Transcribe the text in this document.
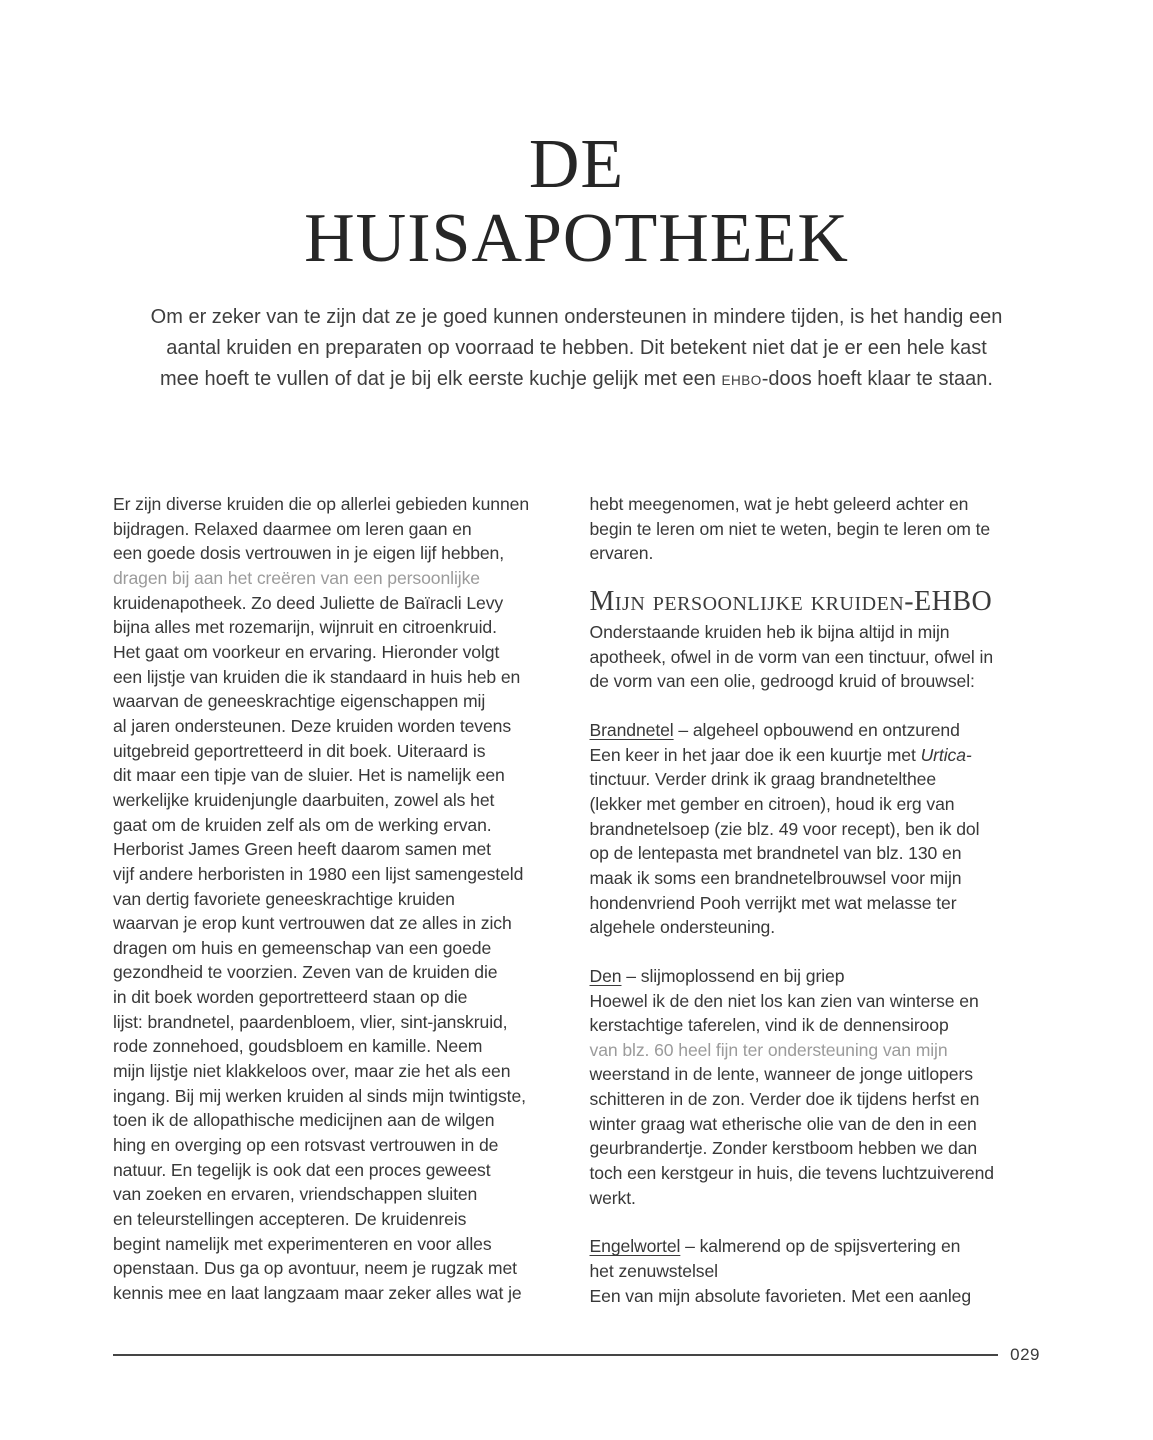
DE
HUISAPOTHEEK
Om er zeker van te zijn dat ze je goed kunnen ondersteunen in mindere tijden, is het handig een
aantal kruiden en preparaten op voorraad te hebben. Dit betekent niet dat je er een hele kast
mee hoeft te vullen of dat je bij elk eerste kuchje gelijk met een EHBO-doos hoeft klaar te staan.
Er zijn diverse kruiden die op allerlei gebieden kunnen
bijdragen. Relaxed daarmee om leren gaan en
een goede dosis vertrouwen in je eigen lijf hebben,
dragen bij aan het creëren van een persoonlijke
kruidenapotheek. Zo deed Juliette de Baïracli Levy
bijna alles met rozemarijn, wijnruit en citroenkruid.
Het gaat om voorkeur en ervaring. Hieronder volgt
een lijstje van kruiden die ik standaard in huis heb en
waarvan de geneeskrachtige eigenschappen mij
al jaren ondersteunen. Deze kruiden worden tevens
uitgebreid geportretteerd in dit boek. Uiteraard is
dit maar een tipje van de sluier. Het is namelijk een
werkelijke kruidenjungle daarbuiten, zowel als het
gaat om de kruiden zelf als om de werking ervan.
Herborist James Green heeft daarom samen met
vijf andere herboristen in 1980 een lijst samengesteld
van dertig favoriete geneeskrachtige kruiden
waarvan je erop kunt vertrouwen dat ze alles in zich
dragen om huis en gemeenschap van een goede
gezondheid te voorzien. Zeven van de kruiden die
in dit boek worden geportretteerd staan op die
lijst: brandnetel, paardenbloem, vlier, sint-janskruid,
rode zonnehoed, goudsbloem en kamille. Neem
mijn lijstje niet klakkeloos over, maar zie het als een
ingang. Bij mij werken kruiden al sinds mijn twintigste,
toen ik de allopathische medicijnen aan de wilgen
hing en overging op een rotsvast vertrouwen in de
natuur. En tegelijk is ook dat een proces geweest
van zoeken en ervaren, vriendschappen sluiten
en teleurstellingen accepteren. De kruidenreis
begint namelijk met experimenteren en voor alles
openstaan. Dus ga op avontuur, neem je rugzak met
kennis mee en laat langzaam maar zeker alles wat je
hebt meegenomen, wat je hebt geleerd achter en
begin te leren om niet te weten, begin te leren om te
ervaren.
Mijn persoonlijke kruiden-EHBO
Onderstaande kruiden heb ik bijna altijd in mijn
apotheek, ofwel in de vorm van een tinctuur, ofwel in
de vorm van een olie, gedroogd kruid of brouwsel:
Brandnetel – algeheel opbouwend en ontzurend
Een keer in het jaar doe ik een kuurtje met Urtica-
tinctuur. Verder drink ik graag brandnetelthee
(lekker met gember en citroen), houd ik erg van
brandnetelsoep (zie blz. 49 voor recept), ben ik dol
op de lentepasta met brandnetel van blz. 130 en
maak ik soms een brandnetelbrouwsel voor mijn
hondenvriend Pooh verrijkt met wat melasse ter
algehele ondersteuning.
Den – slijmoplossend en bij griep
Hoewel ik de den niet los kan zien van winterse en
kerstachtige taferelen, vind ik de dennensiroop
van blz. 60 heel fijn ter ondersteuning van mijn
weerstand in de lente, wanneer de jonge uitlopers
schitteren in de zon. Verder doe ik tijdens herfst en
winter graag wat etherische olie van de den in een
geurbrandertje. Zonder kerstboom hebben we dan
toch een kerstgeur in huis, die tevens luchtzuiverend
werkt.
Engelwortel – kalmerend op de spijsvertering en
het zenuwstelsel
Een van mijn absolute favorieten. Met een aanleg
029
